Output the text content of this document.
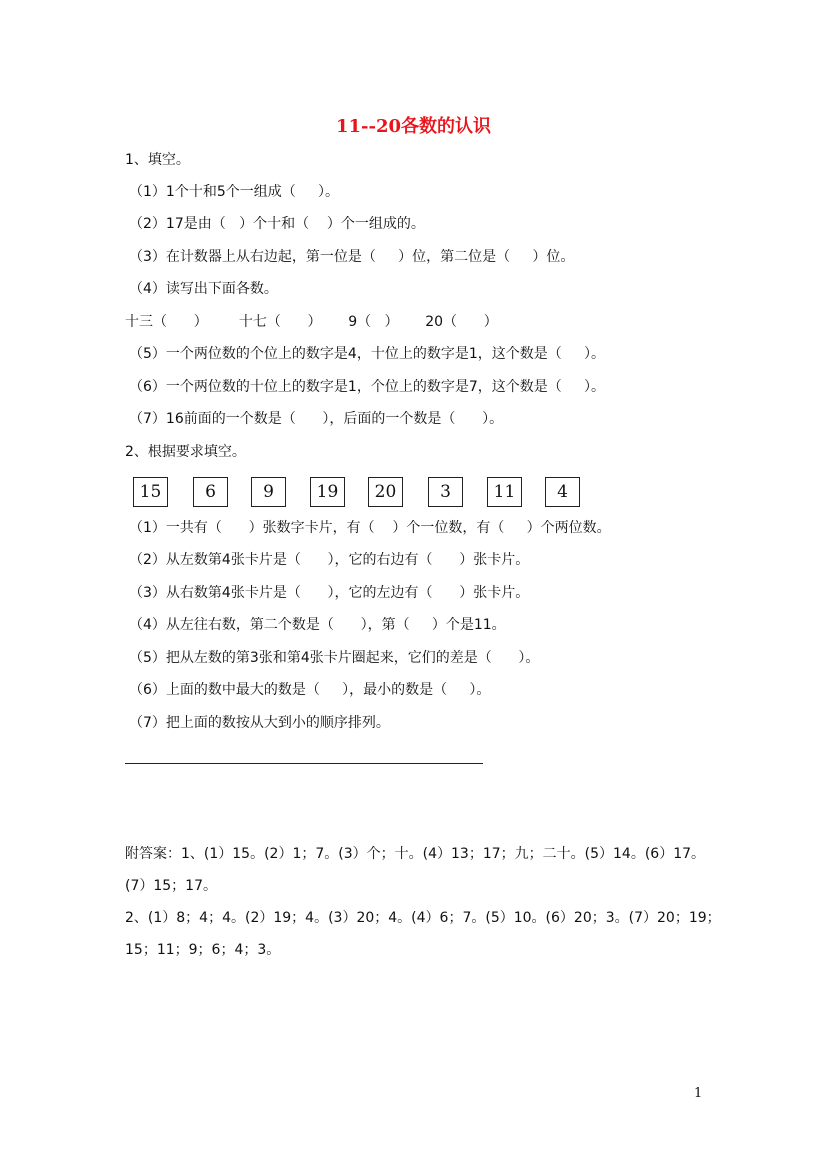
11--20各数的认识
1、填空。
（1）1个十和5个一组成（     ）。
（2）17是由（   ）个十和（    ）个一组成的。
（3）在计数器上从右边起，第一位是（     ）位，第二位是（     ）位。
（4）读写出下面各数。
十三（      ）       十七（      ）      9（   ）      20（      ）
（5）一个两位数的个位上的数字是4，十位上的数字是1，这个数是（     ）。
（6）一个两位数的十位上的数字是1，个位上的数字是7，这个数是（     ）。
（7）16前面的一个数是（      ），后面的一个数是（      ）。
2、根据要求填空。
15	6	9	19	20	3	11	4
（1）一共有（      ）张数字卡片，有（    ）个一位数，有（     ）个两位数。
（2）从左数第4张卡片是（      ），它的右边有（      ）张卡片。
（3）从右数第4张卡片是（      ），它的左边有（      ）张卡片。
（4）从左往右数，第二个数是（      ），第（     ）个是11。
（5）把从左数的第3张和第4张卡片圈起来，它们的差是（      ）。
（6）上面的数中最大的数是（     ），最小的数是（     ）。
（7）把上面的数按从大到小的顺序排列。
附答案：1、(1）15。(2）1；7。(3）个；十。(4）13；17；九；二十。(5）14。(6）17。
(7）15；17。
2、(1）8；4；4。(2）19；4。(3）20；4。(4）6；7。(5）10。(6）20；3。(7）20；19；
15；11；9；6；4；3。
1
